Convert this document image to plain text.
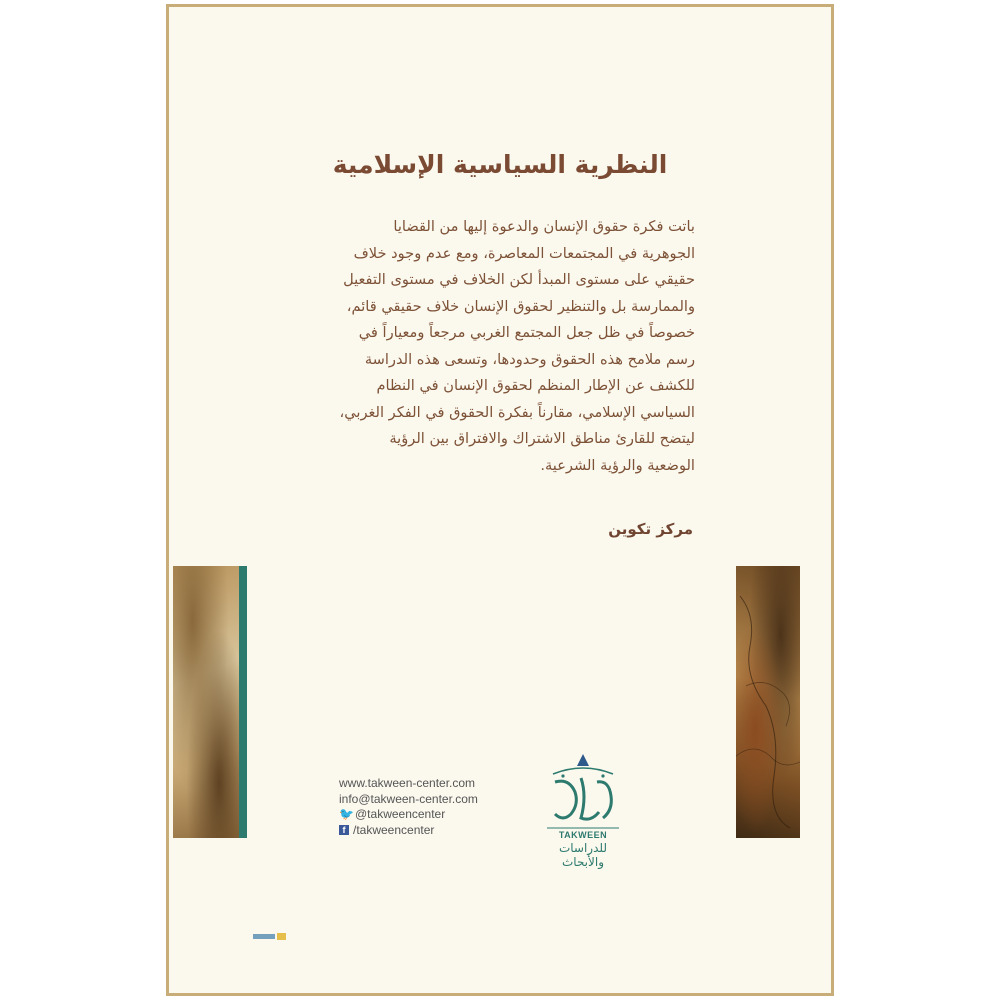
النظرية السياسية الإسلامية
باتت فكرة حقوق الإنسان والدعوة إليها من القضايا
الجوهرية في المجتمعات المعاصرة، ومع عدم وجود خلاف
حقيقي على مستوى المبدأ لكن الخلاف في مستوى التفعيل
والممارسة بل والتنظير لحقوق الإنسان خلاف حقيقي قائم،
خصوصاً في ظل جعل المجتمع الغربي مرجعاً ومعياراً في
رسم ملامح هذه الحقوق وحدودها، وتسعى هذه الدراسة
للكشف عن الإطار المنظم لحقوق الإنسان في النظام
السياسي الإسلامي، مقارناً بفكرة الحقوق في الفكر الغربي،
ليتضح للقارئ مناطق الاشتراك والافتراق بين الرؤية
الوضعية والرؤية الشرعية.
مركز تكوين
www.takween-center.com
info@takween-center.com
🐦 @takweencenter
f /takweencenter	TAKWEEN
للدراسات والأبحاث
